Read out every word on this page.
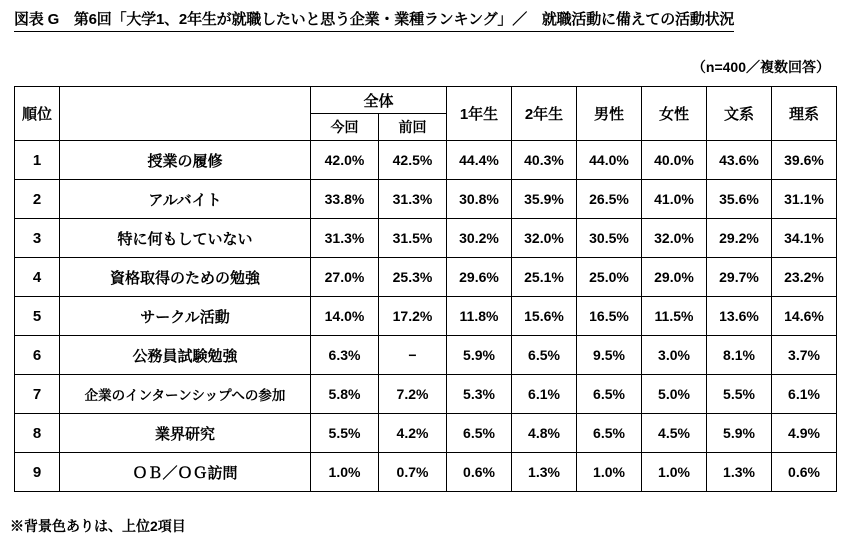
図表 G　第6回「大学1、2年生が就職したいと思う企業・業種ランキング」／　就職活動に備えての活動状況
（n=400／複数回答）
順位		全体		1年生	2年生	男性	女性	文系	理系
		今回	前回						
1	授業の履修	42.0%	42.5%	44.4%	40.3%	44.0%	40.0%	43.6%	39.6%
2	アルバイト	33.8%	31.3%	30.8%	35.9%	26.5%	41.0%	35.6%	31.1%
3	特に何もしていない	31.3%	31.5%	30.2%	32.0%	30.5%	32.0%	29.2%	34.1%
4	資格取得のための勉強	27.0%	25.3%	29.6%	25.1%	25.0%	29.0%	29.7%	23.2%
5	サークル活動	14.0%	17.2%	11.8%	15.6%	16.5%	11.5%	13.6%	14.6%
6	公務員試験勉強	6.3%	−	5.9%	6.5%	9.5%	3.0%	8.1%	3.7%
7	企業のインターンシップへの参加	5.8%	7.2%	5.3%	6.1%	6.5%	5.0%	5.5%	6.1%
8	業界研究	5.5%	4.2%	6.5%	4.8%	6.5%	4.5%	5.9%	4.9%
9	ＯＢ／ＯＧ訪問	1.0%	0.7%	0.6%	1.3%	1.0%	1.0%	1.3%	0.6%
※背景色ありは、上位2項目
